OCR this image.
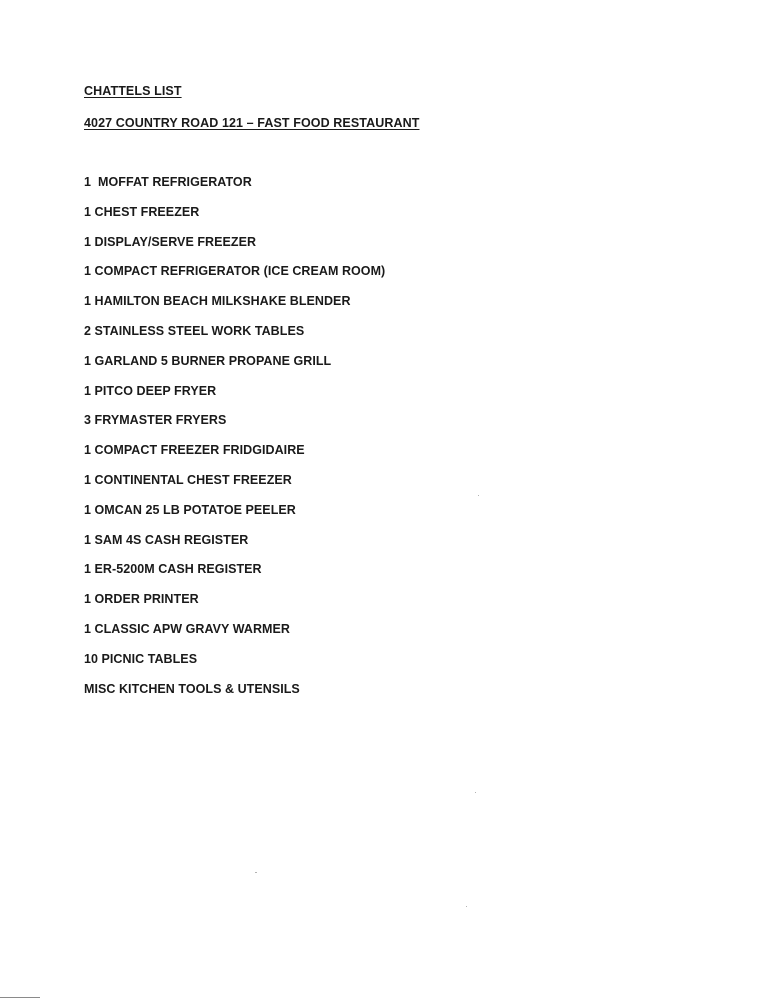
CHATTELS LIST
4027 COUNTRY ROAD 121 – FAST FOOD RESTAURANT
1  MOFFAT REFRIGERATOR
1 CHEST FREEZER
1 DISPLAY/SERVE FREEZER
1 COMPACT REFRIGERATOR (ICE CREAM ROOM)
1 HAMILTON BEACH MILKSHAKE BLENDER
2 STAINLESS STEEL WORK TABLES
1 GARLAND 5 BURNER PROPANE GRILL
1 PITCO DEEP FRYER
3 FRYMASTER FRYERS
1 COMPACT FREEZER FRIDGIDAIRE
1 CONTINENTAL CHEST FREEZER
1 OMCAN 25 LB POTATOE PEELER
1 SAM 4S CASH REGISTER
1 ER-5200M CASH REGISTER
1 ORDER PRINTER
1 CLASSIC APW GRAVY WARMER
10 PICNIC TABLES
MISC KITCHEN TOOLS & UTENSILS
